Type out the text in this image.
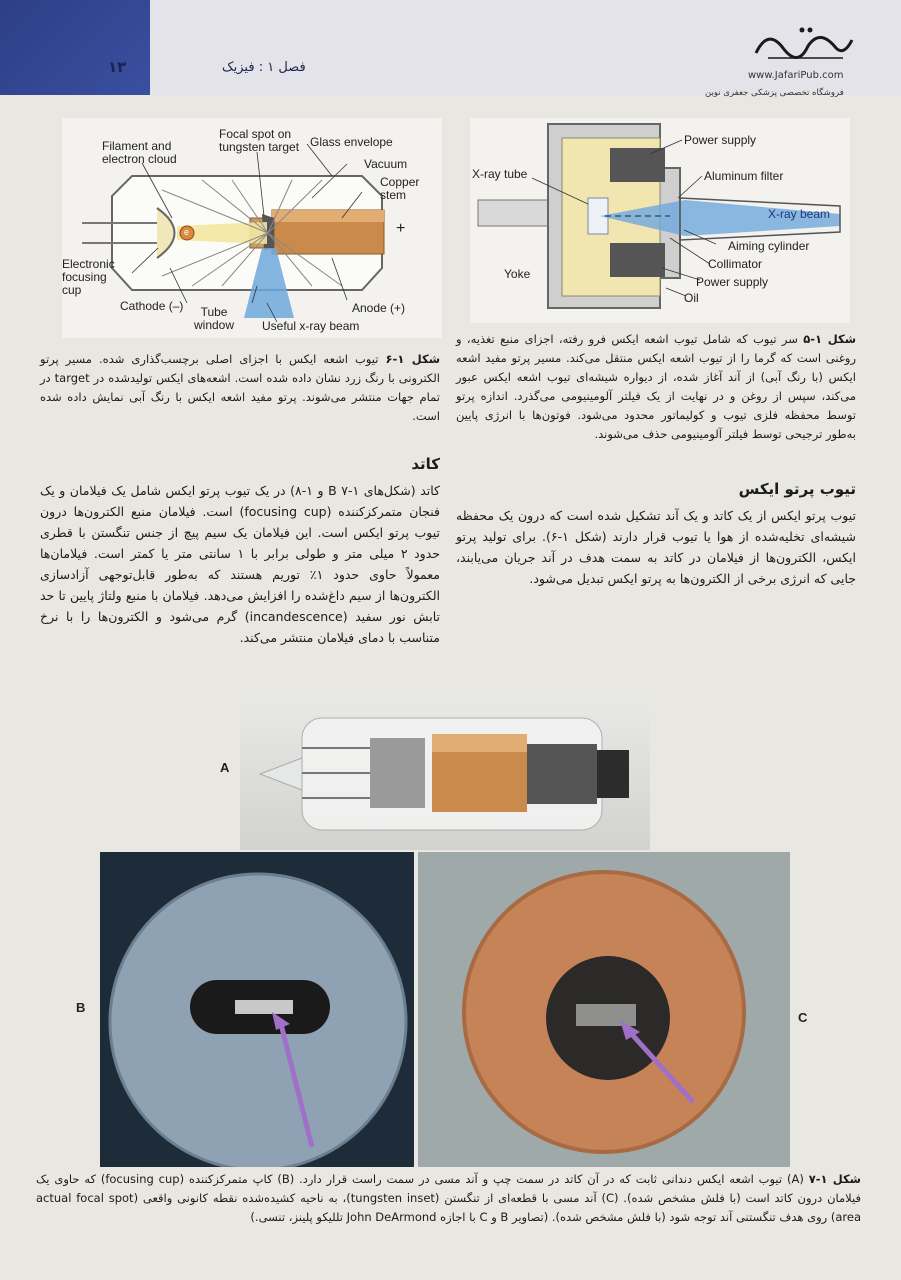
۱۳	فصل ۱ : فیزیک
www.JafariPub.com
فروشگاه تخصصی پزشکی جعفری نوین
Filament and
electron cloud
Focal spot on
tungsten target Glass envelope
Vacuum
Copper
stem
+
e
Electronic
focusing
cup
Cathode (–)	Tube
window
Anode (+)
Useful x-ray beam
Power supply
X-ray tube	Aluminum filter
X-ray beam
Aiming cylinder
Yoke
Collimator
Power supply
Oil
شکل ۱-۵ سر تیوب که شامل تیوب اشعه ایکس فرو رفته، اجزای منبع تغذیه، و روغنی است که گرما را از تیوب اشعه ایکس منتقل می‌کند. مسیر پرتو مفید اشعه ایکس (با رنگ آبی) از آند آغاز شده، از دیواره شیشه‌ای تیوب اشعه ایکس عبور می‌کند، سپس از روغن و در نهایت از یک فیلتر آلومینیومی می‌گذرد. اندازه پرتو توسط محفظه فلزی تیوب و کولیماتور محدود می‌شود. فوتون‌ها با انرژی پایین به‌طور ترجیحی توسط فیلتر آلومینیومی حذف می‌شوند.
شکل ۱-۶ تیوب اشعه ایکس با اجزای اصلی برچسب‌گذاری شده. مسیر پرتو الکترونی با رنگ زرد نشان داده شده است. اشعه‌های ایکس تولیدشده در target در تمام جهات منتشر می‌شوند. پرتو مفید اشعه ایکس با رنگ آبی نمایش داده شده است.
تیوب پرتو ایکس
تیوب پرتو ایکس از یک کاتد و یک آند تشکیل شده است که درون یک محفظه شیشه‌ای تخلیه‌شده از هوا یا تیوب قرار دارند (شکل ۱-۶). برای تولید پرتو ایکس، الکترون‌ها از فیلامان در کاتد به سمت هدف در آند جریان می‌یابند، جایی که انرژی برخی از الکترون‌ها به پرتو ایکس تبدیل می‌شود.
کاتد
کاتد (شکل‌های ۱-۷ B و ۱-۸) در یک تیوب پرتو ایکس شامل یک فیلامان و یک فنجان متمرکزکننده (focusing cup) است. فیلامان منبع الکترون‌ها درون تیوب پرتو ایکس است. این فیلامان یک سیم پیچ از جنس تنگستن با قطری حدود ۲ میلی متر و طولی برابر با ۱ سانتی متر یا کمتر است. فیلامان‌ها معمولاً حاوی حدود ۱٪ توریم هستند که به‌طور قابل‌توجهی آزادسازی الکترون‌ها از سیم داغ‌شده را افزایش می‌دهد. فیلامان با منبع ولتاژ پایین تا حد تابش نور سفید (incandescence) گرم می‌شود و الکترون‌ها را با نرخ متناسب با دمای فیلامان منتشر می‌کند.
A
B
C
شکل ۱-۷ (A) تیوب اشعه ایکس دندانی ثابت که در آن کاتد در سمت چپ و آند مسی در سمت راست قرار دارد. (B) کاپ متمرکزکننده (focusing cup) که حاوی یک فیلامان درون کاتد است (با فلش مشخص شده). (C) آند مسی با قطعه‌ای از تنگستن (tungsten inset)، به ناحیه کشیده‌شده نقطه کانونی واقعی (actual focal spot area) روی هدف تنگستنی آند توجه شود (با فلش مشخص شده). (تصاویر B و C با اجازه John DeArmond تللیکو پلینز، تنسی.)
